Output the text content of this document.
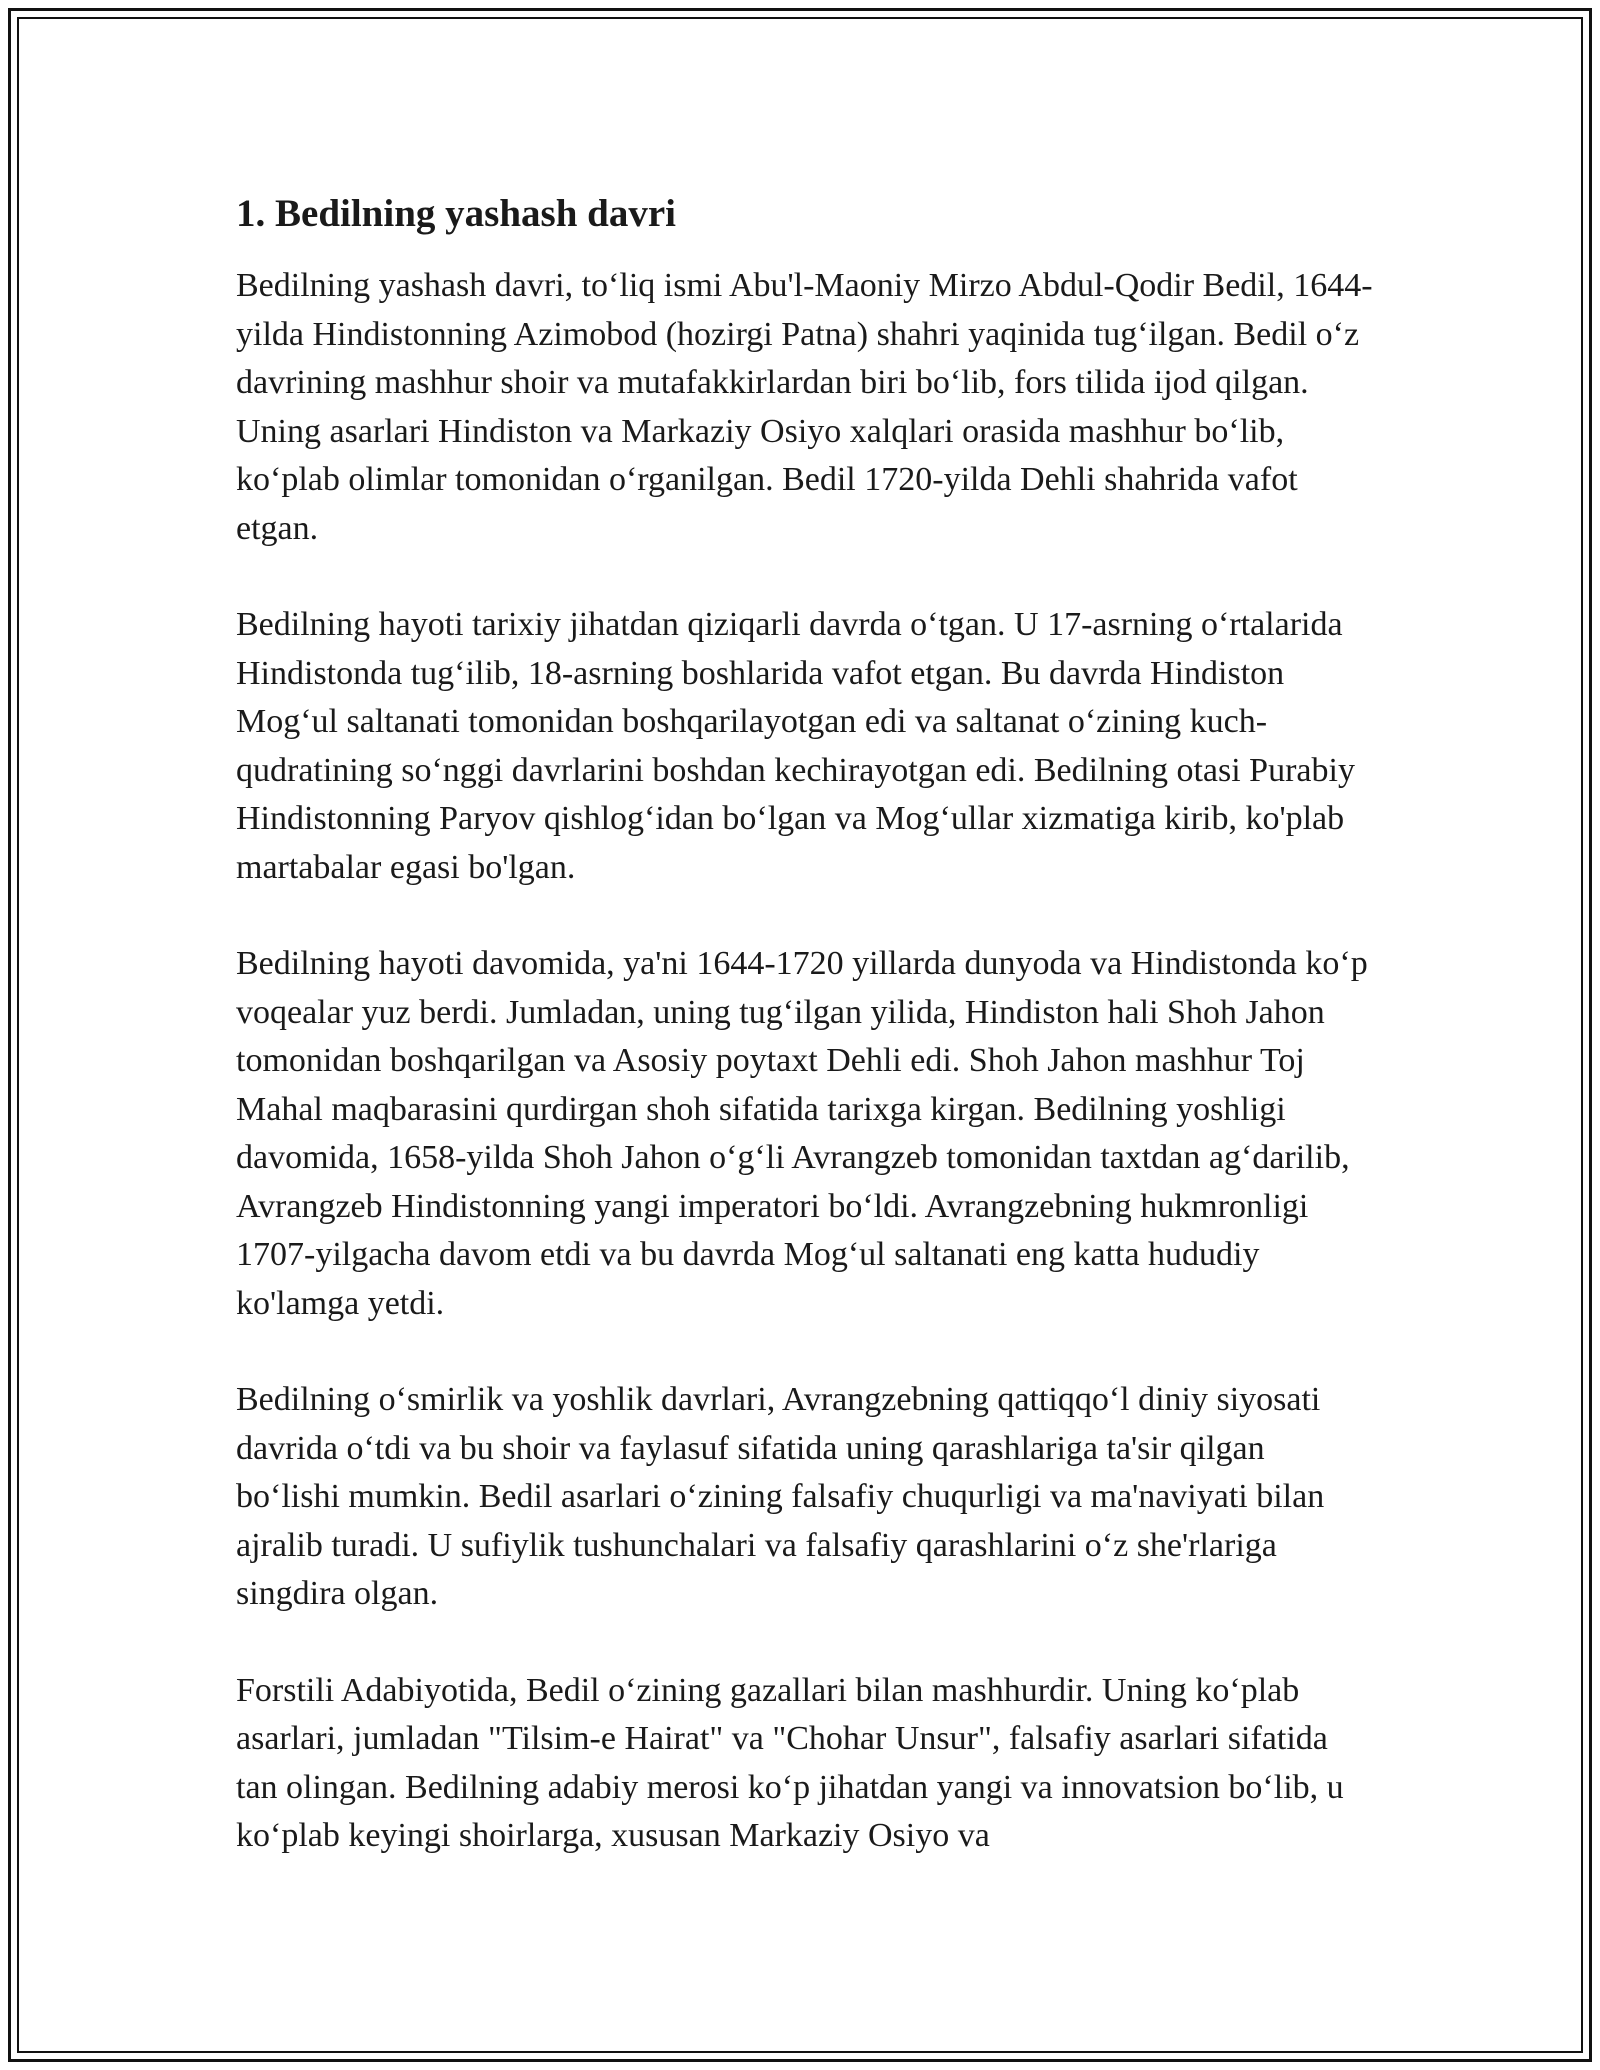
1. Bedilning yashash davri

Bedilning yashash davri, to‘liq ismi Abu'l-Maoniy Mirzo Abdul-Qodir Bedil, 1644-yilda Hindistonning Azimobod (hozirgi Patna) shahri yaqinida tug‘ilgan. Bedil o‘z davrining mashhur shoir va mutafakkirlardan biri bo‘lib, fors tilida ijod qilgan. Uning asarlari Hindiston va Markaziy Osiyo xalqlari orasida mashhur bo‘lib, ko‘plab olimlar tomonidan o‘rganilgan. Bedil 1720-yilda Dehli shahrida vafot etgan.

Bedilning hayoti tarixiy jihatdan qiziqarli davrda o‘tgan. U 17-asrning o‘rtalarida Hindistonda tug‘ilib, 18-asrning boshlarida vafot etgan. Bu davrda Hindiston Mog‘ul saltanati tomonidan boshqarilayotgan edi va saltanat o‘zining kuch-qudratining so‘nggi davrlarini boshdan kechirayotgan edi. Bedilning otasi Purabiy Hindistonning Paryov qishlog‘idan bo‘lgan va Mog‘ullar xizmatiga kirib, ko'plab martabalar egasi bo'lgan.

Bedilning hayoti davomida, ya'ni 1644-1720 yillarda dunyoda va Hindistonda ko‘p voqealar yuz berdi. Jumladan, uning tug‘ilgan yilida, Hindiston hali Shoh Jahon tomonidan boshqarilgan va Asosiy poytaxt Dehli edi. Shoh Jahon mashhur Toj Mahal maqbarasini qurdirgan shoh sifatida tarixga kirgan. Bedilning yoshligi davomida, 1658-yilda Shoh Jahon o‘g‘li Avrangzeb tomonidan taxtdan ag‘darilib, Avrangzeb Hindistonning yangi imperatori bo‘ldi. Avrangzebning hukmronligi 1707-yilgacha davom etdi va bu davrda Mog‘ul saltanati eng katta hududiy ko'lamga yetdi.

Bedilning o‘smirlik va yoshlik davrlari, Avrangzebning qattiqqo‘l diniy siyosati davrida o‘tdi va bu shoir va faylasuf sifatida uning qarashlariga ta'sir qilgan bo‘lishi mumkin. Bedil asarlari o‘zining falsafiy chuqurligi va ma'naviyati bilan ajralib turadi. U sufiylik tushunchalari va falsafiy qarashlarini o‘z she'rlariga singdira olgan.

Forstili Adabiyotida, Bedil o‘zining gazallari bilan mashhurdir. Uning ko‘plab asarlari, jumladan "Tilsim-e Hairat" va "Chohar Unsur", falsafiy asarlari sifatida tan olingan. Bedilning adabiy merosi ko‘p jihatdan yangi va innovatsion bo‘lib, u ko‘plab keyingi shoirlarga, xususan Markaziy Osiyo va
